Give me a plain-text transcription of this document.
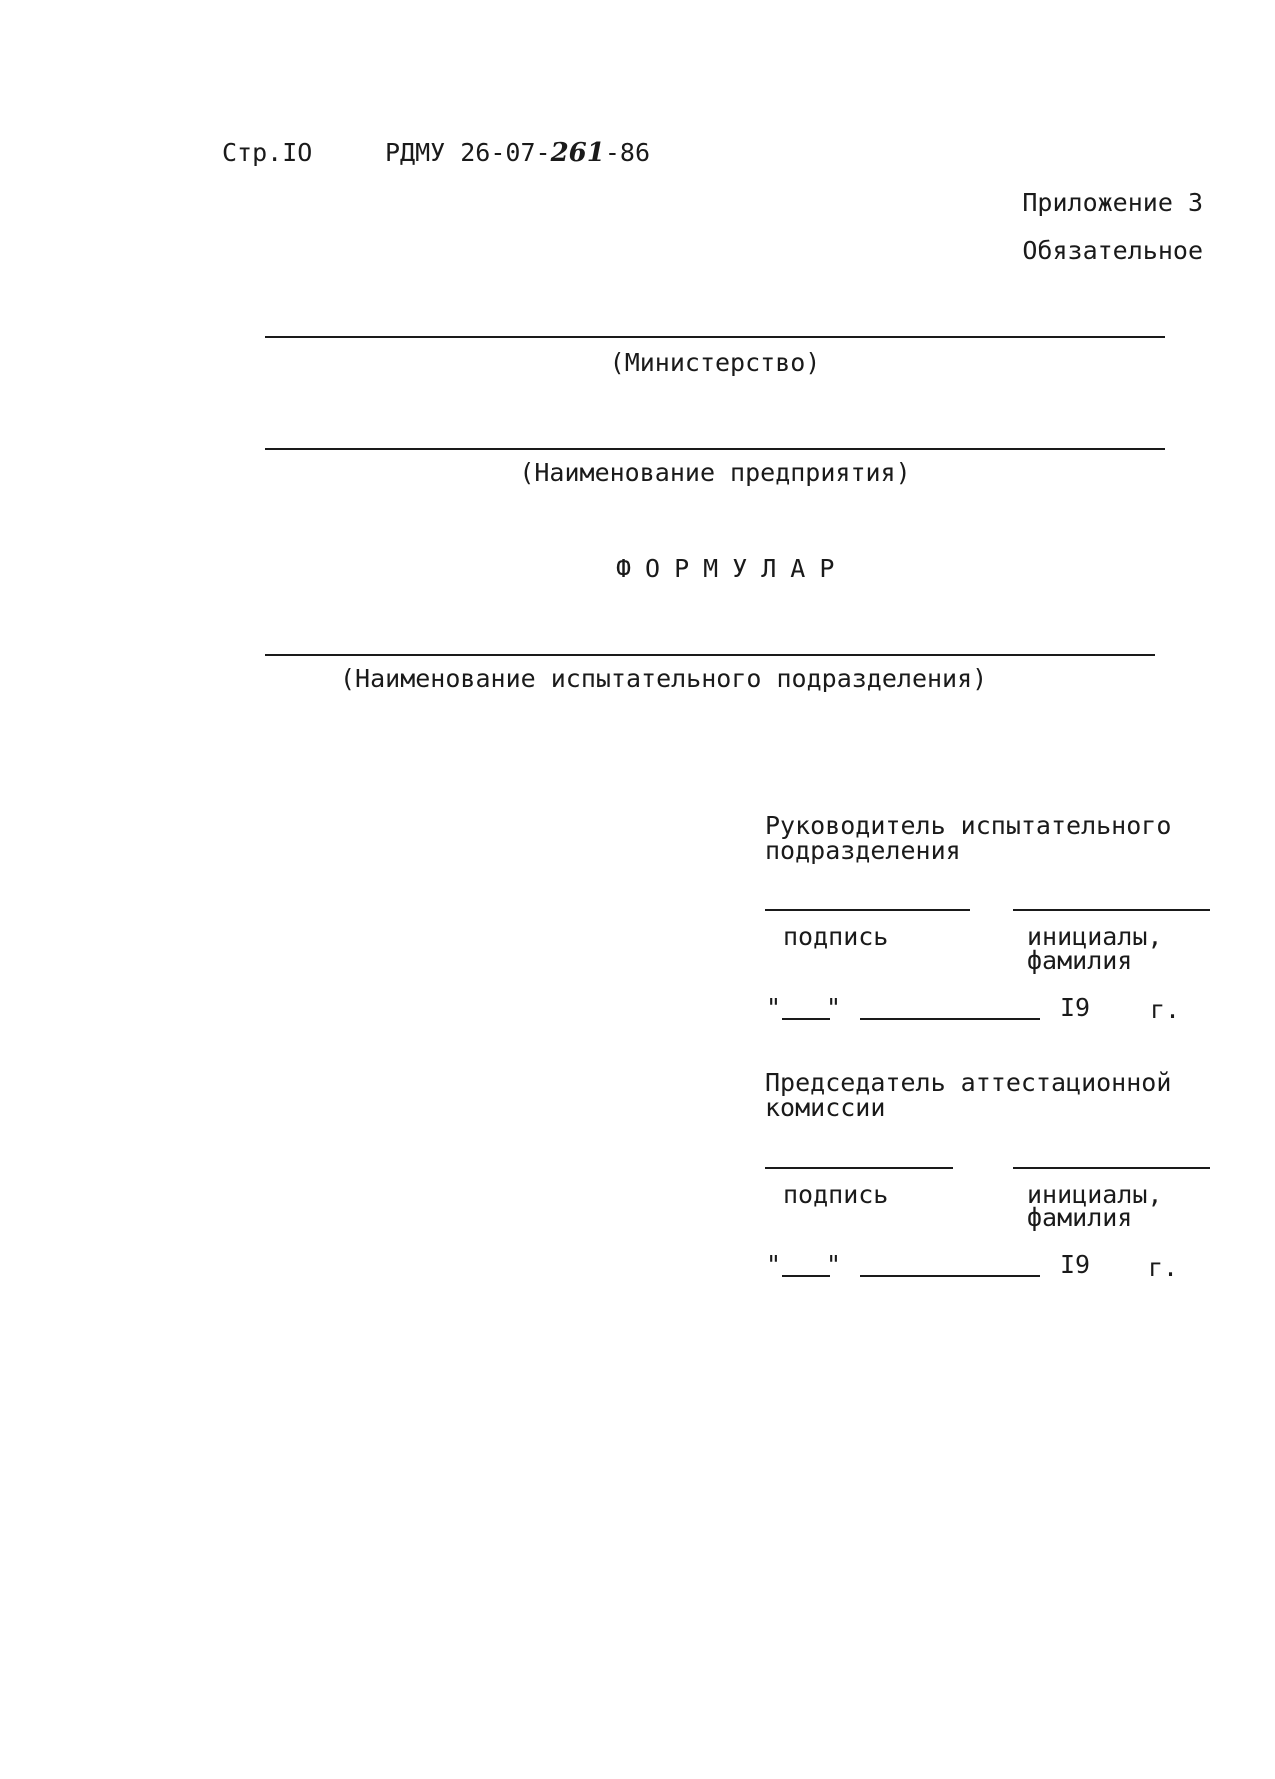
Стр.IO	РДМУ 26-07-261-86
Приложение 3
Обязательное
(Министерство)
(Наименование предприятия)
ФОРМУЛАР
(Наименование испытательного подразделения)
Руководитель испытательного
подразделения
подпись	инициалы,
фамилия
" "	I9 г.
Председатель аттестационной
комиссии
подпись	инициалы,
фамилия
" "	I9 г.
